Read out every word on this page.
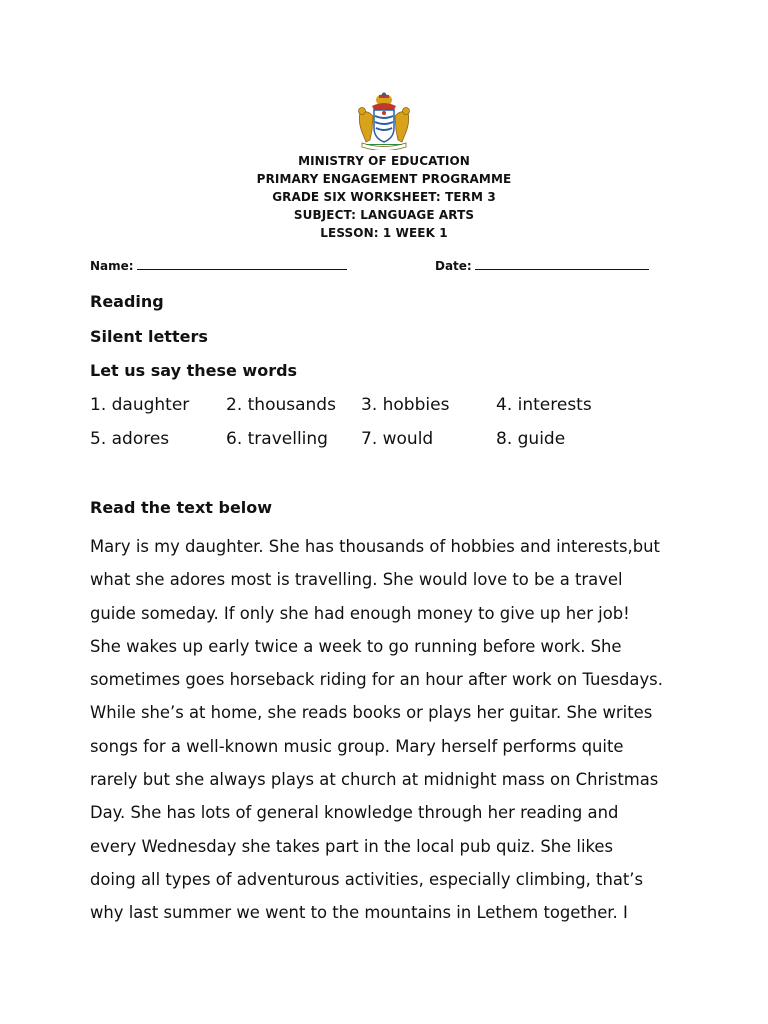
MINISTRY OF EDUCATION
PRIMARY ENGAGEMENT PROGRAMME
GRADE SIX WORKSHEET: TERM 3
SUBJECT: LANGUAGE ARTS
LESSON: 1 WEEK 1
Name:	Date:
Reading
Silent letters
Let us say these words
1. daughter 2. thousands 3. hobbies	4. interests
5. adores	6. travelling 7. would	8. guide
Read the text below
Mary is my daughter. She has thousands of hobbies and interests,but
what she adores most is travelling. She would love to be a travel
guide someday. If only she had enough money to give up her job!
She wakes up early twice a week to go running before work. She
sometimes goes horseback riding for an hour after work on Tuesdays.
While she’s at home, she reads books or plays her guitar. She writes
songs for a well-known music group. Mary herself performs quite
rarely but she always plays at church at midnight mass on Christmas
Day. She has lots of general knowledge through her reading and
every Wednesday she takes part in the local pub quiz. She likes
doing all types of adventurous activities, especially climbing, that’s
why last summer we went to the mountains in Lethem together. I
